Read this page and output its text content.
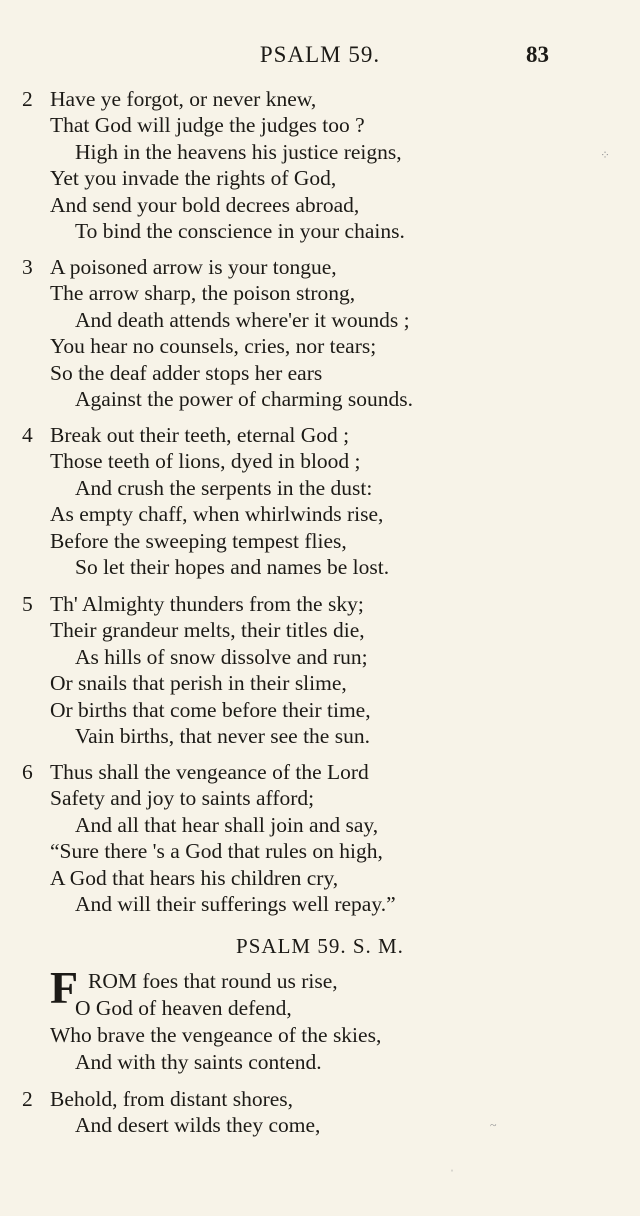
PSALM 59.	83
2 Have ye forgot, or never knew,
That God will judge the judges too ?
High in the heavens his justice reigns,
Yet you invade the rights of God,
And send your bold decrees abroad,
To bind the conscience in your chains.
3 A poisoned arrow is your tongue,
The arrow sharp, the poison strong,
And death attends where'er it wounds ;
You hear no counsels, cries, nor tears;
So the deaf adder stops her ears
Against the power of charming sounds.
4 Break out their teeth, eternal God ;
Those teeth of lions, dyed in blood ;
And crush the serpents in the dust:
As empty chaff, when whirlwinds rise,
Before the sweeping tempest flies,
So let their hopes and names be lost.
5 Th' Almighty thunders from the sky;
Their grandeur melts, their titles die,
As hills of snow dissolve and run;
Or snails that perish in their slime,
Or births that come before their time,
Vain births, that never see the sun.
6 Thus shall the vengeance of the Lord
Safety and joy to saints afford;
And all that hear shall join and say,
“Sure there 's a God that rules on high,
A God that hears his children cry,
And will their sufferings well repay.”
PSALM 59. S. M.
F ROM foes that round us rise,
O God of heaven defend,
Who brave the vengeance of the skies,
And with thy saints contend.
2 Behold, from distant shores,
And desert wilds they come,
⁘
~
ˌ
